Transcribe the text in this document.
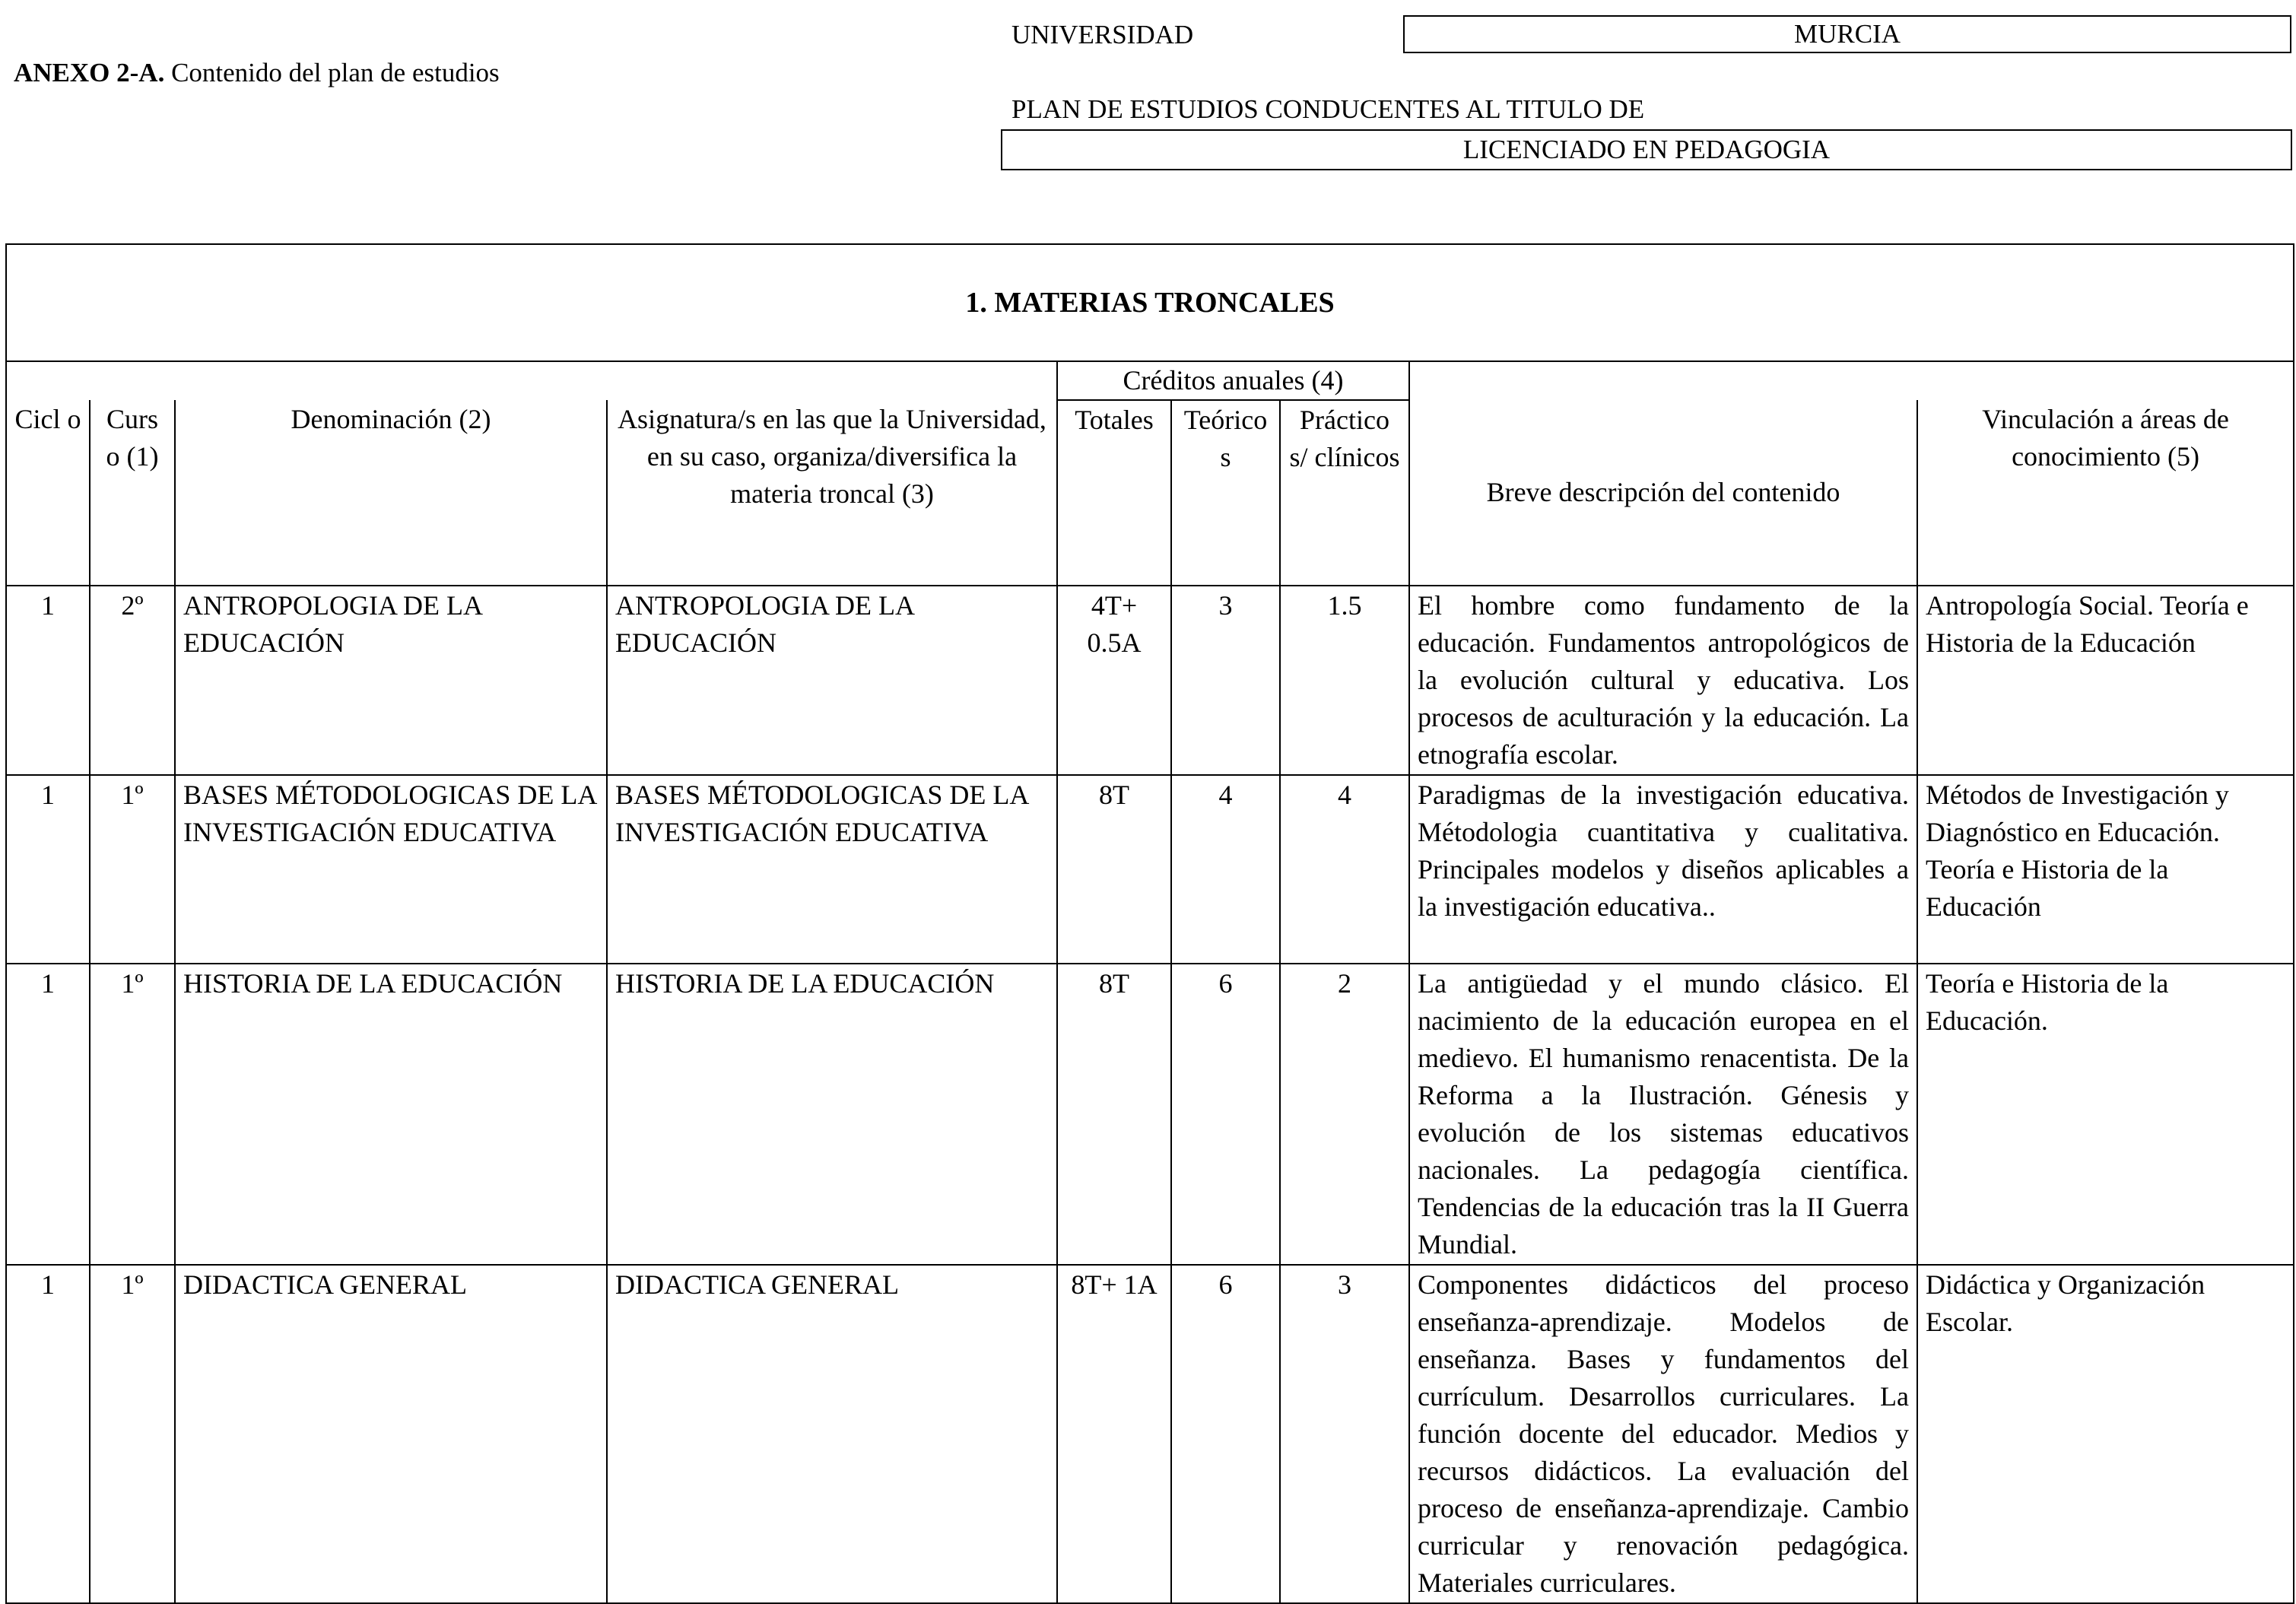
ANEXO 2-A. Contenido del plan de estudios
UNIVERSIDAD	MURCIA
PLAN DE ESTUDIOS CONDUCENTES AL TITULO DE
LICENCIADO EN PEDAGOGIA
1. MATERIAS TRONCALES								
				Créditos anuales (4)				
Cicl o	Curs o (1)	Denominación (2)	Asignatura/s en las que la Universidad, en su caso, organiza/diversifica la materia troncal (3)	Totales	Teórico s	Práctico s/ clínicos	Breve descripción del contenido	Vinculación a áreas de conocimiento (5)
1	2º	ANTROPOLOGIA DE LA EDUCACIÓN	ANTROPOLOGIA DE LA EDUCACIÓN	4T+ 0.5A	3	1.5	El hombre como fundamento de la educación. Fundamentos antropológicos de la evolución cultural y educativa. Los procesos de aculturación y la educación. La etnografía escolar.	Antropología Social. Teoría e Historia de la Educación
1	1º	BASES MÉTODOLOGICAS DE LA INVESTIGACIÓN EDUCATIVA	BASES MÉTODOLOGICAS DE LA INVESTIGACIÓN EDUCATIVA	8T	4	4	Paradigmas de la investigación educativa. Métodologia cuantitativa y cualitativa. Principales modelos y diseños aplicables a la investigación educativa..	Métodos de Investigación y Diagnóstico en Educación. Teoría e Historia de la Educación
1	1º	HISTORIA DE LA EDUCACIÓN	HISTORIA DE LA EDUCACIÓN	8T	6	2	La antigüedad y el mundo clásico. El nacimiento de la educación europea en el medievo. El humanismo renacentista. De la Reforma a la Ilustración. Génesis y evolución de los sistemas educativos nacionales. La pedagogía científica. Tendencias de la educación tras la II Guerra Mundial.	Teoría e Historia de la Educación.
1	1º	DIDACTICA GENERAL	DIDACTICA GENERAL	8T+ 1A	6	3	Componentes didácticos del proceso enseñanza-aprendizaje. Modelos de enseñanza. Bases y fundamentos del currículum. Desarrollos curriculares. La función docente del educador. Medios y recursos didácticos. La evaluación del proceso de enseñanza-aprendizaje. Cambio curricular y renovación pedagógica. Materiales curriculares.	Didáctica y Organización Escolar.
